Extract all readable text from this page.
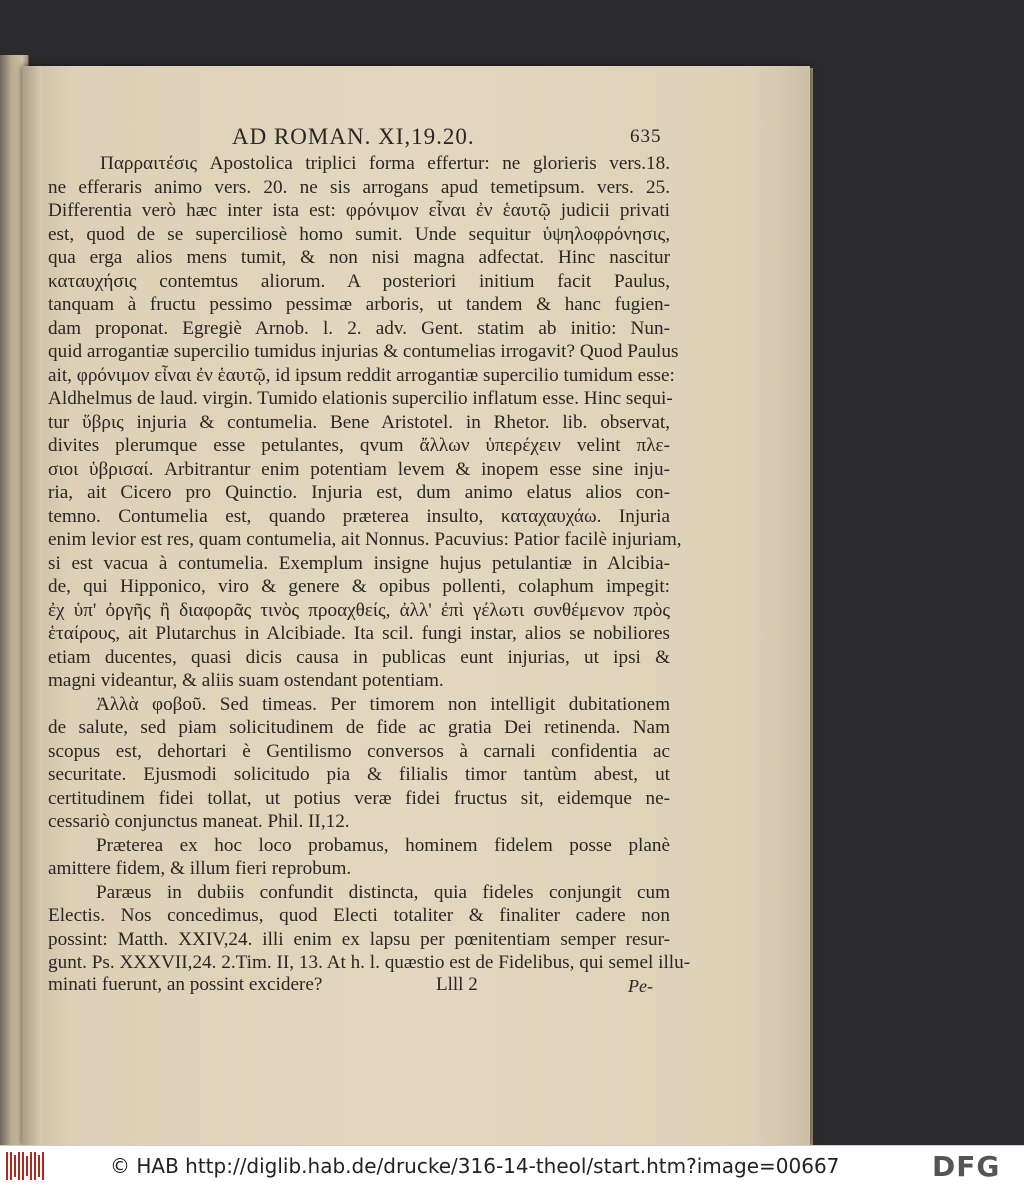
AD ROMAN. XI,19.20.	635
Παρραιτέσις Apostolica triplici forma effertur: ne glorieris vers.18.
ne efferaris animo vers. 20. ne sis arrogans apud temetipsum. vers. 25.
Differentia verò hæc inter ista est: φρόνιμον εἶναι ἐν ἑαυτῷ judicii privati
est, quod de se superciliosè homo sumit. Unde sequitur ὑψηλοφρόνησις,
qua erga alios mens tumit, & non nisi magna adfectat. Hinc nascitur
καταυχήσις contemtus aliorum. A posteriori initium facit Paulus,
tanquam à fructu pessimo pessimæ arboris, ut tandem & hanc fugien-
dam proponat. Egregiè Arnob. l. 2. adv. Gent. statim ab initio: Nun-
quid arrogantiæ supercilio tumidus injurias & contumelias irrogavit? Quod Paulus
ait, φρόνιμον εἶναι ἐν ἑαυτῷ, id ipsum reddit arrogantiæ supercilio tumidum esse:
Aldhelmus de laud. virgin. Tumido elationis supercilio inflatum esse. Hinc sequi-
tur ὕβρις injuria & contumelia. Bene Aristotel. in Rhetor. lib. observat,
divites plerumque esse petulantes, qvum ἄλλων ὑπερέχειν velint πλε-
σιοι ὑβρισαί. Arbitrantur enim potentiam levem & inopem esse sine inju-
ria, ait Cicero pro Quinctio. Injuria est, dum animo elatus alios con-
temno. Contumelia est, quando præterea insulto, καταχαυχάω. Injuria
enim levior est res, quam contumelia, ait Nonnus. Pacuvius: Patior facilè injuriam,
si est vacua à contumelia. Exemplum insigne hujus petulantiæ in Alcibia-
de, qui Hipponico, viro & genere & opibus pollenti, colaphum impegit:
ἐχ ὑπ' ὀργῆς ἢ διαφορᾶς τινὸς προαχθείς, ἀλλ' ἐπὶ γέλωτι συνθέμενον πρὸς
ἑταίρους, ait Plutarchus in Alcibiade. Ita scil. fungi instar, alios se nobiliores
etiam ducentes, quasi dicis causa in publicas eunt injurias, ut ipsi &
magni videantur, & aliis suam ostendant potentiam.
Ἀλλὰ φοβοῦ. Sed timeas. Per timorem non intelligit dubitationem
de salute, sed piam solicitudinem de fide ac gratia Dei retinenda. Nam
scopus est, dehortari è Gentilismo conversos à carnali confidentia ac
securitate. Ejusmodi solicitudo pia & filialis timor tantùm abest, ut
certitudinem fidei tollat, ut potius veræ fidei fructus sit, eidemque ne-
cessariò conjunctus maneat. Phil. II,12.
Præterea ex hoc loco probamus, hominem fidelem posse planè
amittere fidem, & illum fieri reprobum.
Paræus in dubiis confundit distincta, quia fideles conjungit cum
Electis. Nos concedimus, quod Electi totaliter & finaliter cadere non
possint: Matth. XXIV,24. illi enim ex lapsu per pœnitentiam semper resur-
gunt. Ps. XXXVII,24. 2.Tim. II, 13. At h. l. quæstio est de Fidelibus, qui semel illu-
minati fuerunt, an possint excidere?	Llll 2	Pe-
© HAB http://diglib.hab.de/drucke/316-14-theol/start.htm?image=00667	DFG
